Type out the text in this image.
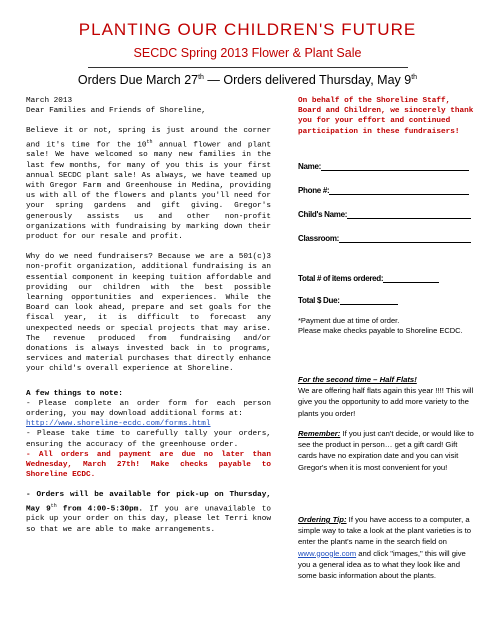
PLANTING OUR CHILDREN'S FUTURE
SECDC Spring 2013 Flower & Plant Sale
Orders Due March 27th — Orders delivered Thursday, May 9th

March 2013

Dear Families and Friends of Shoreline,

Believe it or not, spring is just around the corner and it's time for the 10th annual flower and plant sale! We have welcomed so many new families in the last few months, for many of you this is your first annual SECDC plant sale! As always, we have teamed up with Gregor Farm and Greenhouse in Medina, providing us with all of the flowers and plants you'll need for your spring gardens and gift giving. Gregor's generously assists us and other non-profit organizations with fundraising by marking down their product for our resale and profit.

Why do we need fundraisers? Because we are a 501(c)3 non-profit organization, additional fundraising is an essential component in keeping tuition affordable and providing our children with the best possible learning opportunities and experiences. While the Board can look ahead, prepare and set goals for the fiscal year, it is difficult to forecast any unexpected needs or special projects that may arise. The revenue produced from fundraising and/or donations is always invested back in to programs, services and material purchases that directly enhance your child's overall experience at Shoreline.

A few things to note:

- Please complete an order form for each person ordering, you may download additional forms at:
http://www.shoreline-ecdc.com/forms.html

- Please take time to carefully tally your orders, ensuring the accuracy of the greenhouse order.

- All orders and payment are due no later than Wednesday, March 27th! Make checks payable to Shoreline ECDC.

- Orders will be available for pick-up on Thursday, May 9th from 4:00-5:30pm. If you are unavailable to pick up your order on this day, please let Terri know so that we are able to make arrangements.

On behalf of the Shoreline Staff, Board and Children, we sincerely thank you for your effort and continued participation in these fundraisers!

Name:
Phone #:
Child's Name:
Classroom:
Total # of items ordered:
Total $ Due:
*Payment due at time of order.
Please make checks payable to Shoreline ECDC.
For the second time – Half Flats!
We are offering half flats again this year !!!! This will give you the opportunity to add more variety to the plants you order!
Remember: If you just can't decide, or would like to see the product in person… get a gift card! Gift cards have no expiration date and you can visit Gregor's when it is most convenient for you!
Ordering Tip: If you have access to a computer, a simple way to take a look at the plant varieties is to enter the plant's name in the search field on www.google.com and click "images," this will give you a general idea as to what they look like and some basic information about the plants.
